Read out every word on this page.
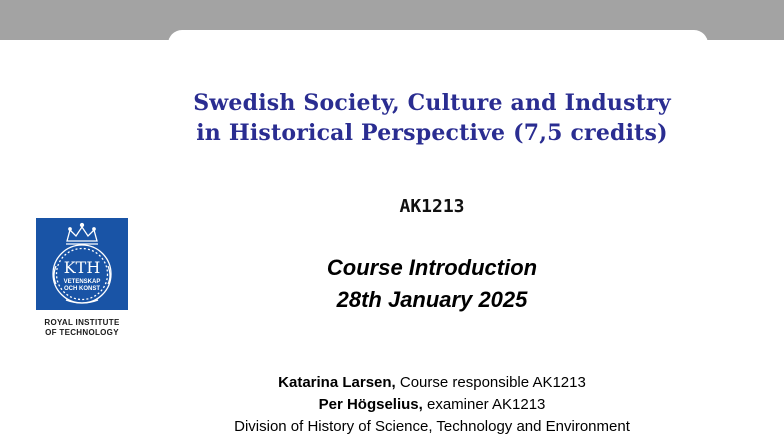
Swedish Society, Culture and Industry
in Historical Perspective (7,5 credits)
AK1213
Course Introduction
28th January 2025
KTH
VETENSKAP
OCH KONST
ROYAL INSTITUTE
OF TECHNOLOGY
Katarina Larsen, Course responsible AK1213
Per Högselius, examiner AK1213
Division of History of Science, Technology and Environment
